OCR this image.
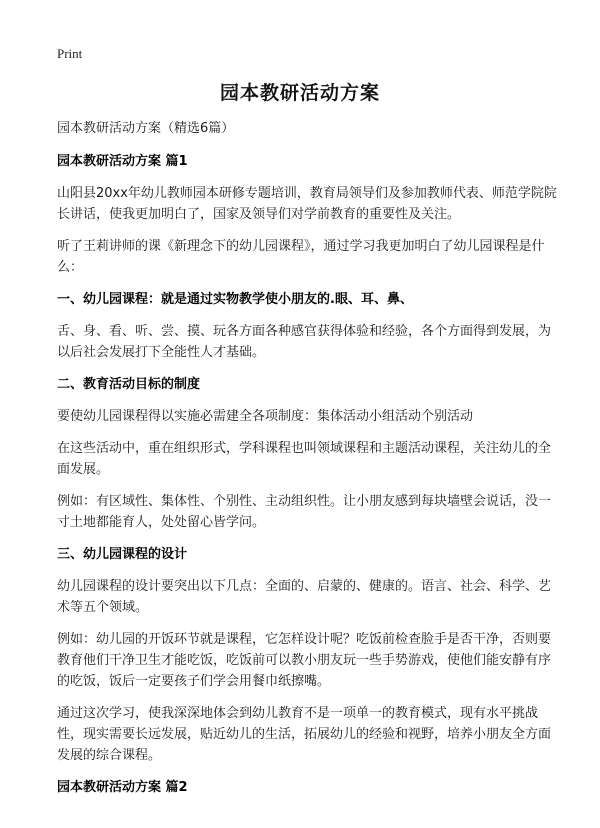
Print
园本教研活动方案

园本教研活动方案（精选6篇）

园本教研活动方案 篇1

山阳县20xx年幼儿教师园本研修专题培训，教育局领导们及参加教师代表、师范学院院长讲话，使我更加明白了，国家及领导们对学前教育的重要性及关注。

听了王莉讲师的课《新理念下的幼儿园课程》，通过学习我更加明白了幼儿园课程是什么：

一、幼儿园课程：就是通过实物教学使小朋友的.眼、耳、鼻、

舌、身、看、听、尝、摸、玩各方面各种感官获得体验和经验，各个方面得到发展，为以后社会发展打下全能性人才基础。

二、教育活动目标的制度

要使幼儿园课程得以实施必需建全各项制度：集体活动小组活动个别活动

在这些活动中，重在组织形式，学科课程也叫领域课程和主题活动课程，关注幼儿的全面发展。

例如：有区域性、集体性、个别性、主动组织性。让小朋友感到每块墙壁会说话，没一寸土地都能育人，处处留心皆学问。

三、幼儿园课程的设计

幼儿园课程的设计要突出以下几点：全面的、启蒙的、健康的。语言、社会、科学、艺术等五个领域。

例如：幼儿园的开饭环节就是课程，它怎样设计呢？吃饭前检查脸手是否干净，否则要教育他们干净卫生才能吃饭，吃饭前可以教小朋友玩一些手势游戏，使他们能安静有序的吃饭，饭后一定要孩子们学会用餐巾纸擦嘴。

通过这次学习，使我深深地体会到幼儿教育不是一项单一的教育模式，现有水平挑战性，现实需要长远发展，贴近幼儿的生活，拓展幼儿的经验和视野，培养小朋友全方面发展的综合课程。

园本教研活动方案 篇2
